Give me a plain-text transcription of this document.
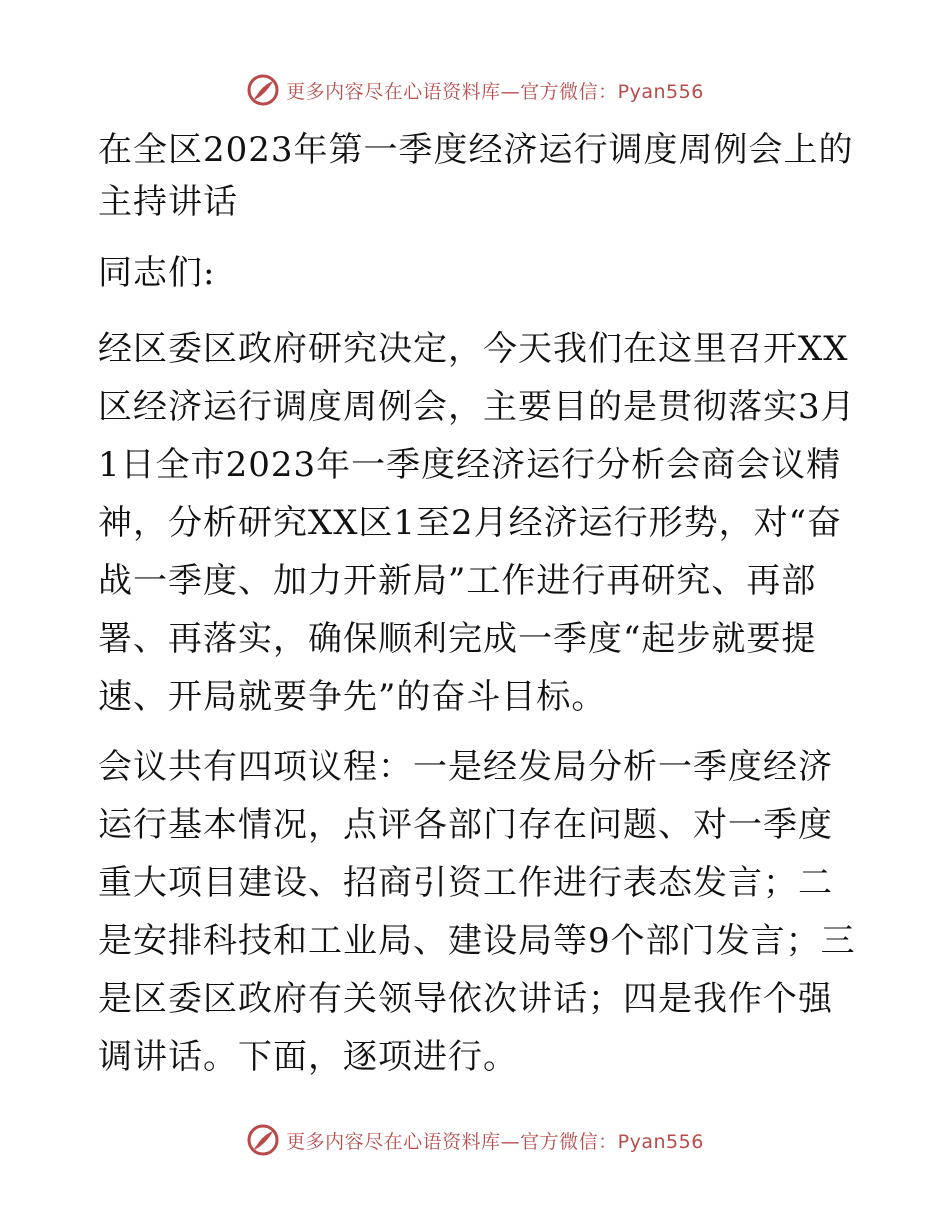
更多内容尽在心语资料库—官方微信：Pyan556
在全区2023年第一季度经济运行调度周例会上的主持讲话

同志们:

经区委区政府研究决定，今天我们在这里召开XX区经济运行调度周例会，主要目的是贯彻落实3月1日全市2023年一季度经济运行分析会商会议精神，分析研究XX区1至2月经济运行形势，对“奋战一季度、加力开新局”工作进行再研究、再部署、再落实，确保顺利完成一季度“起步就要提速、开局就要争先”的奋斗目标。

会议共有四项议程：一是经发局分析一季度经济运行基本情况，点评各部门存在问题、对一季度重大项目建设、招商引资工作进行表态发言；二是安排科技和工业局、建设局等9个部门发言；三是区委区政府有关领导依次讲话；四是我作个强调讲话。下面，逐项进行。

更多内容尽在心语资料库—官方微信：Pyan556
